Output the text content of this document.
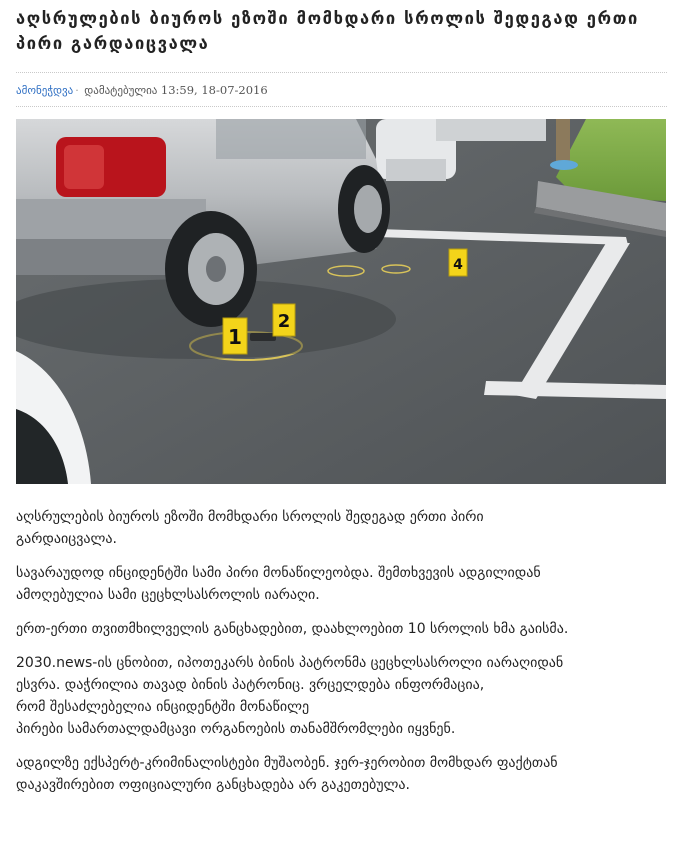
აღსრულების ბიუროს ეზოში მომხდარი სროლის შედეგად ერთი პირი გარდაიცვალა
ამონეჭდვა · დამატებულია 13:59, 18-07-2016
1
2
4

აღსრულების ბიუროს ეზოში მომხდარი სროლის შედეგად ერთი პირი
გარდაიცვალა.

სავარაუდოდ ინციდენტში სამი პირი მონაწილეობდა. შემთხვევის ადგილიდან
ამოღებულია სამი ცეცხლსასროლის იარაღი.

ერთ-ერთი თვითმხილველის განცხადებით, დაახლოებით 10 სროლის ხმა გაისმა.

2030.news-ის ცნობით, იპოთეკარს ბინის პატრონმა ცეცხლსასროლი იარაღიდან
ესვრა. დაჭრილია თავად ბინის პატრონიც. ვრცელდება ინფორმაცია,
რომ შესაძლებელია ინციდენტში მონაწილე
პირები სამართალდამცავი ორგანოების თანამშრომლები იყვნენ.

ადგილზე ექსპერტ-კრიმინალისტები მუშაობენ. ჯერ-ჯერობით მომხდარ ფაქტთან
დაკავშირებით ოფიციალური განცხადება არ გაკეთებულა.
